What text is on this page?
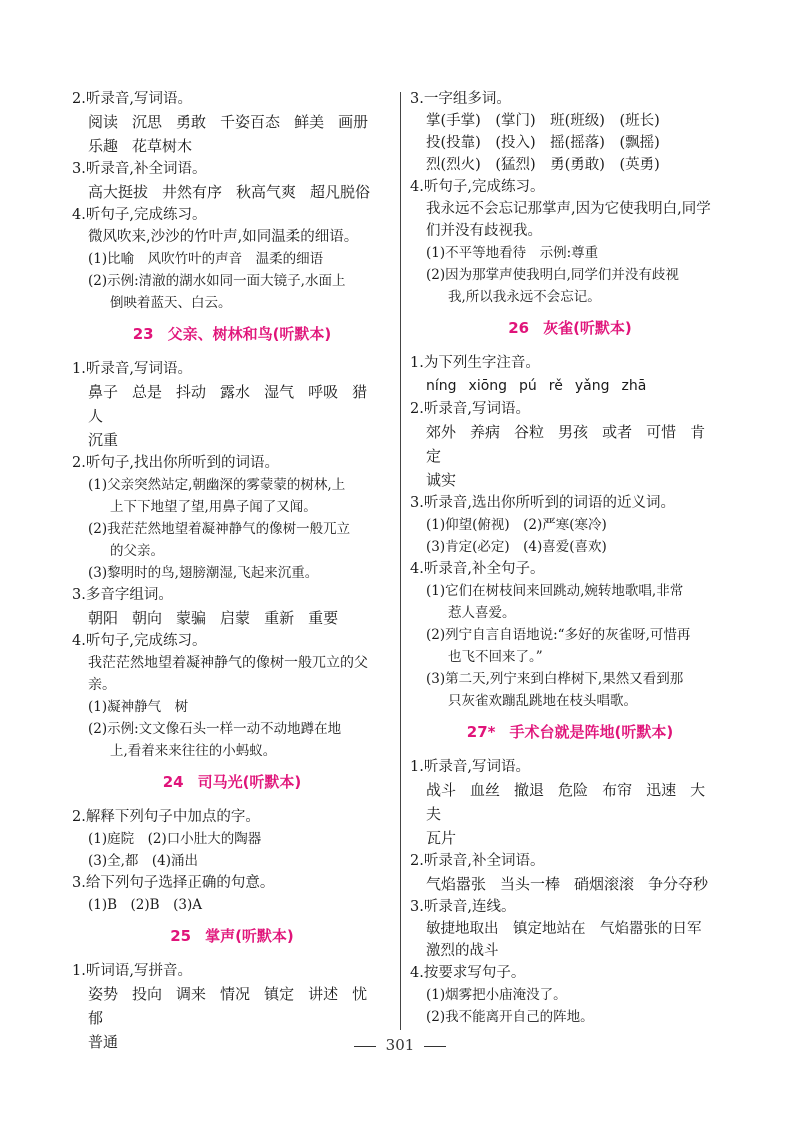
2.听录音,写词语。
阅读 沉思 勇敢 千姿百态 鲜美 画册
乐趣 花草树木
3.听录音,补全词语。
高大挺拔 井然有序 秋高气爽 超凡脱俗
4.听句子,完成练习。
微风吹来,沙沙的竹叶声,如同温柔的细语。
(1)比喻　风吹竹叶的声音　温柔的细语
(2)示例:清澈的湖水如同一面大镜子,水面上
倒映着蓝天、白云。
23 父亲、树林和鸟(听默本)
1.听录音,写词语。
鼻子 总是 抖动 露水 湿气 呼吸 猎人
沉重
2.听句子,找出你所听到的词语。
(1)父亲突然站定,朝幽深的雾蒙蒙的树林,上
上下下地望了望,用鼻子闻了又闻。
(2)我茫茫然地望着凝神静气的像树一般兀立
的父亲。
(3)黎明时的鸟,翅膀潮湿,飞起来沉重。
3.多音字组词。
朝阳 朝向 蒙骗 启蒙 重新 重要
4.听句子,完成练习。
我茫茫然地望着凝神静气的像树一般兀立的父亲。
(1)凝神静气　树
(2)示例:文文像石头一样一动不动地蹲在地
上,看着来来往往的小蚂蚁。
24 司马光(听默本)
2.解释下列句子中加点的字。
(1)庭院　(2)口小肚大的陶器
(3)全,都　(4)涌出
3.给下列句子选择正确的句意。
(1)B　(2)B　(3)A
25 掌声(听默本)
1.听词语,写拼音。
姿势 投向 调来 情况 镇定 讲述 忧郁
普通
3.一字组多词。
掌(手掌)　(掌门)　班(班级)　(班长)
投(投靠)　(投入)　摇(摇落)　(飘摇)
烈(烈火)　(猛烈)　勇(勇敢)　(英勇)
4.听句子,完成练习。
我永远不会忘记那掌声,因为它使我明白,同学
们并没有歧视我。
(1)不平等地看待　示例:尊重
(2)因为那掌声使我明白,同学们并没有歧视
我,所以我永远不会忘记。
26 灰雀(听默本)
1.为下列生字注音。
níng xiōng pú rě yǎng zhā
2.听录音,写词语。
郊外 养病 谷粒 男孩 或者 可惜 肯定
诚实
3.听录音,选出你所听到的词语的近义词。
(1)仰望(俯视)　(2)严寒(寒冷)
(3)肯定(必定)　(4)喜爱(喜欢)
4.听录音,补全句子。
(1)它们在树枝间来回跳动,婉转地歌唱,非常
惹人喜爱。
(2)列宁自言自语地说:“多好的灰雀呀,可惜再
也飞不回来了。”
(3)第二天,列宁来到白桦树下,果然又看到那
只灰雀欢蹦乱跳地在枝头唱歌。
27* 手术台就是阵地(听默本)
1.听录音,写词语。
战斗 血丝 撤退 危险 布帘 迅速 大夫
瓦片
2.听录音,补全词语。
气焰嚣张 当头一棒 硝烟滚滚 争分夺秒
3.听录音,连线。
敏捷地取出　镇定地站在　气焰嚣张的日军
激烈的战斗
4.按要求写句子。
(1)烟雾把小庙淹没了。
(2)我不能离开自己的阵地。
301
